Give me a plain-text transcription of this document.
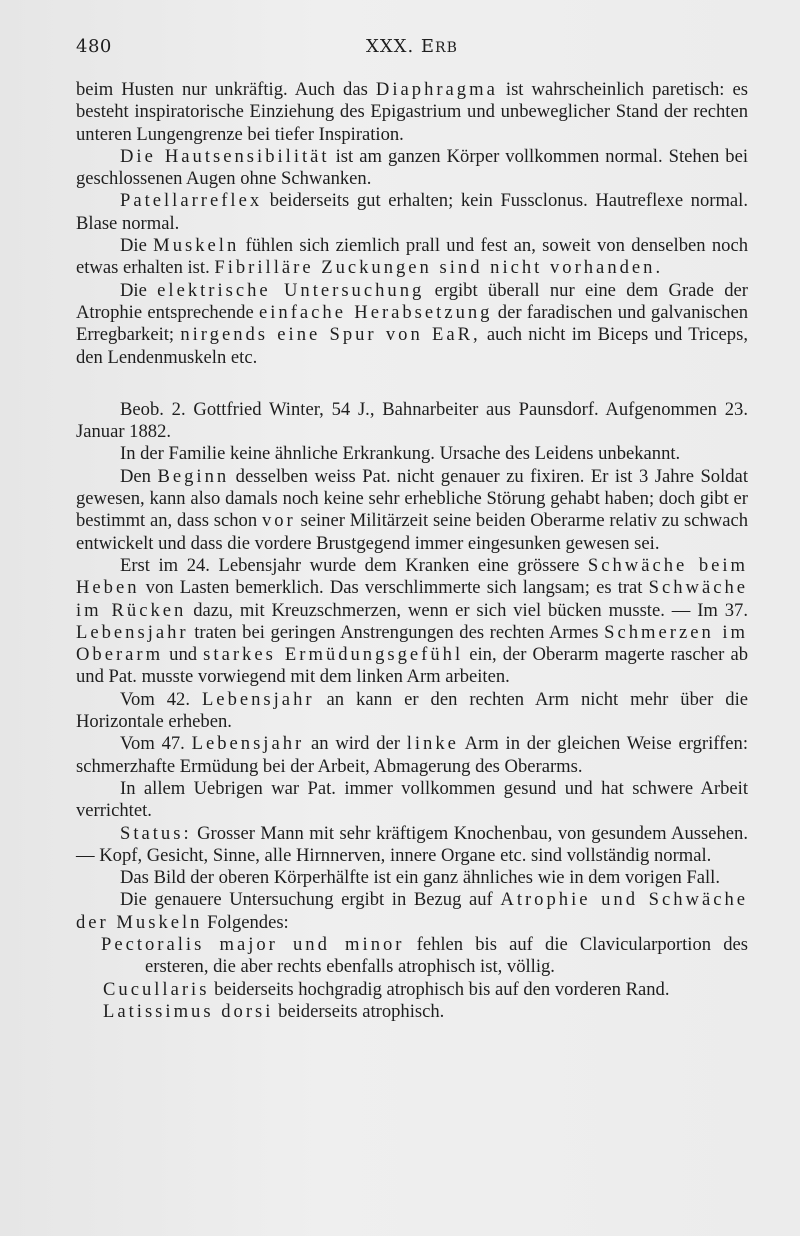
480	XXX. ERB

beim Husten nur unkräftig. Auch das Diaphragma ist wahrscheinlich paretisch: es besteht inspiratorische Einziehung des Epigastrium und unbeweglicher Stand der rechten unteren Lungengrenze bei tiefer Inspiration.

Die Hautsensibilität ist am ganzen Körper vollkommen normal. Stehen bei geschlossenen Augen ohne Schwanken.

Patellarreflex beiderseits gut erhalten; kein Fussclonus. Hautreflexe normal. Blase normal.

Die Muskeln fühlen sich ziemlich prall und fest an, soweit von denselben noch etwas erhalten ist. Fibrilläre Zuckungen sind nicht vorhanden.

Die elektrische Untersuchung ergibt überall nur eine dem Grade der Atrophie entsprechende einfache Herabsetzung der faradischen und galvanischen Erregbarkeit; nirgends eine Spur von EaR, auch nicht im Biceps und Triceps, den Lendenmuskeln etc.

Beob. 2. Gottfried Winter, 54 J., Bahnarbeiter aus Paunsdorf. Aufgenommen 23. Januar 1882.

In der Familie keine ähnliche Erkrankung. Ursache des Leidens unbekannt.

Den Beginn desselben weiss Pat. nicht genauer zu fixiren. Er ist 3 Jahre Soldat gewesen, kann also damals noch keine sehr erhebliche Störung gehabt haben; doch gibt er bestimmt an, dass schon vor seiner Militärzeit seine beiden Oberarme relativ zu schwach entwickelt und dass die vordere Brustgegend immer eingesunken gewesen sei.

Erst im 24. Lebensjahr wurde dem Kranken eine grössere Schwäche beim Heben von Lasten bemerklich. Das verschlimmerte sich langsam; es trat Schwäche im Rücken dazu, mit Kreuzschmerzen, wenn er sich viel bücken musste. — Im 37. Lebensjahr traten bei geringen Anstrengungen des rechten Armes Schmerzen im Oberarm und starkes Ermüdungsgefühl ein, der Oberarm magerte rascher ab und Pat. musste vorwiegend mit dem linken Arm arbeiten.

Vom 42. Lebensjahr an kann er den rechten Arm nicht mehr über die Horizontale erheben.

Vom 47. Lebensjahr an wird der linke Arm in der gleichen Weise ergriffen: schmerzhafte Ermüdung bei der Arbeit, Abmagerung des Oberarms.

In allem Uebrigen war Pat. immer vollkommen gesund und hat schwere Arbeit verrichtet.

Status: Grosser Mann mit sehr kräftigem Knochenbau, von gesundem Aussehen. — Kopf, Gesicht, Sinne, alle Hirnnerven, innere Organe etc. sind vollständig normal.

Das Bild der oberen Körperhälfte ist ein ganz ähnliches wie in dem vorigen Fall.

Die genauere Untersuchung ergibt in Bezug auf Atrophie und Schwäche der Muskeln Folgendes:

Pectoralis major und minor fehlen bis auf die Clavicularportion des ersteren, die aber rechts ebenfalls atrophisch ist, völlig.

Cucullaris beiderseits hochgradig atrophisch bis auf den vorderen Rand.

Latissimus dorsi beiderseits atrophisch.
